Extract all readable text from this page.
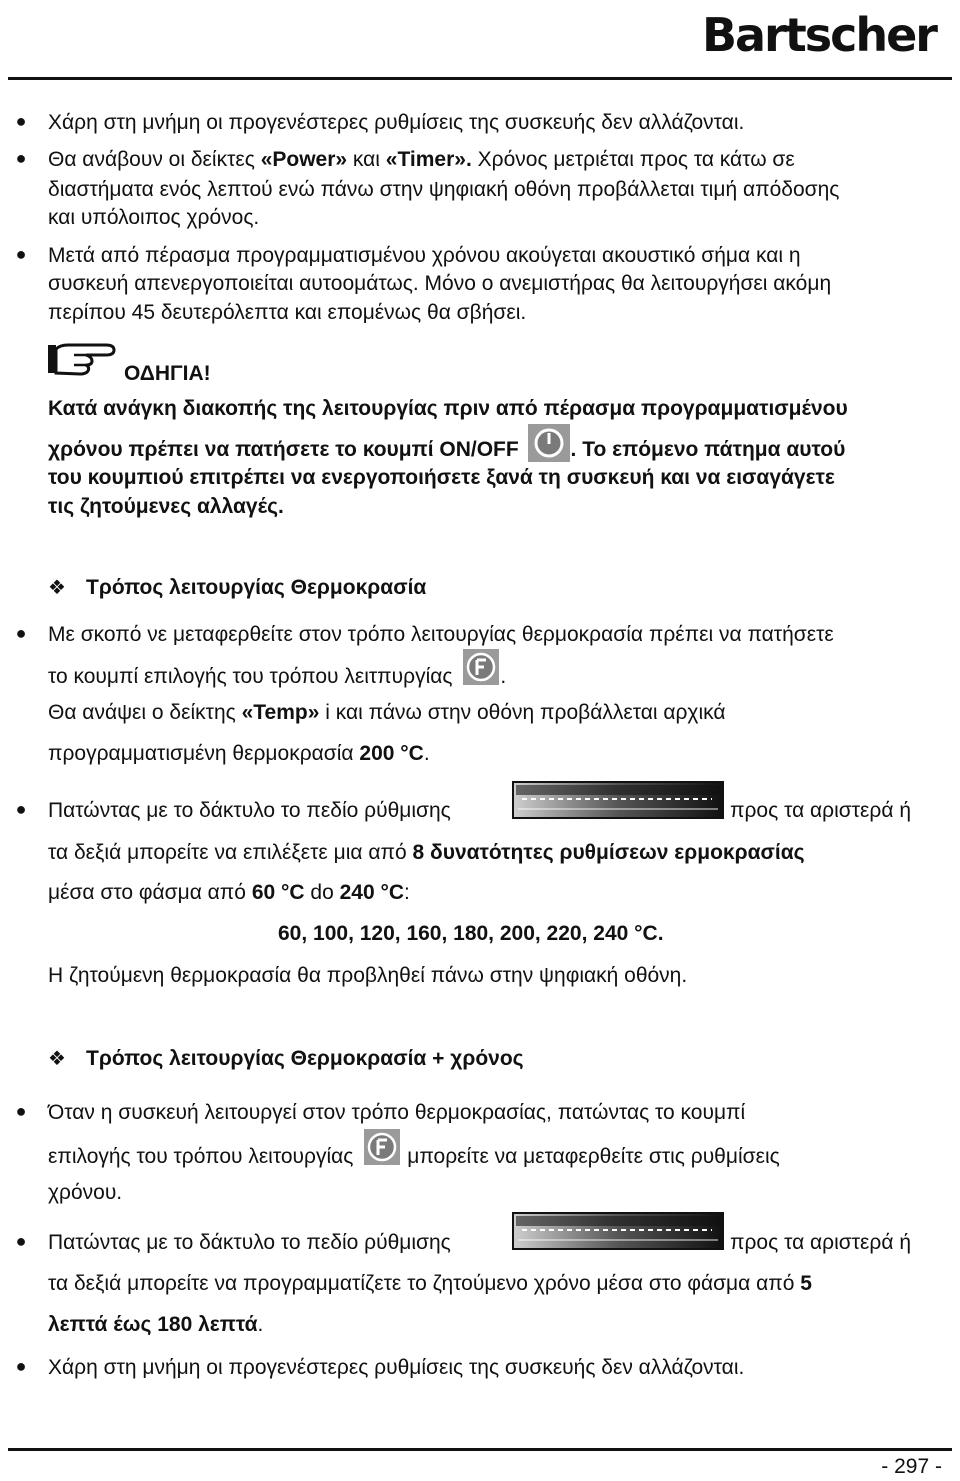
Bartscher
● Χάρη στη μνήμη οι προγενέστερες ρυθμίσεις της συσκευής δεν αλλάζονται.
● Θα ανάβουν οι δείκτες «Power» και «Timer». Χρόνος μετριέται προς τα κάτω σε
διαστήματα ενός λεπτού ενώ πάνω στην ψηφιακή οθόνη προβάλλεται τιμή απόδοσης
και υπόλοιπος χρόνος.
● Μετά από πέρασμα προγραμματισμένου χρόνου ακούγεται ακουστικό σήμα και η
συσκευή απενεργοποιείται αυτοομάτως. Μόνο ο ανεμιστήρας θα λειτουργήσει ακόμη
περίπου 45 δευτερόλεπτα και επομένως θα σβήσει.
ΟΔΗΓΙΑ!
Κατά ανάγκη διακοπής της λειτουργίας πριν από πέρασμα προγραμματισμένου
χρόνου πρέπει να πατήσετε το κουμπί ON/OFF . Το επόμενο πάτημα αυτού
του κουμπιού επιτρέπει να ενεργοποιήσετε ξανά τη συσκευή και να εισαγάγετε
τις ζητούμενες αλλαγές.
❖ Τρόπος λειτουργίας Θερμοκρασία
● Με σκοπό νε μεταφερθείτε στον τρόπο λειτουργίας θερμοκρασία πρέπει να πατήσετε
το κουμπί επιλογής του τρόπου λειτπυργίας .
Θα ανάψει ο δείκτης «Temp» i και πάνω στην οθόνη προβάλλεται αρχικά
προγραμματισμένη θερμοκρασία 200 °C.
● Πατώντας με το δάκτυλο το πεδίο ρύθμισης	προς τα αριστερά ή
τα δεξιά μπορείτε να επιλέξετε μια από 8 δυνατότητες ρυθμίσεων ερμοκρασίας
μέσα στο φάσμα από 60 °C do 240 °C:
60, 100, 120, 160, 180, 200, 220, 240 °C.
Η ζητούμενη θερμοκρασία θα προβληθεί πάνω στην ψηφιακή οθόνη.
❖ Τρόπος λειτουργίας Θερμοκρασία + χρόνος
● Όταν η συσκευή λειτουργεί στον τρόπο θερμοκρασίας, πατώντας το κουμπί
επιλογής του τρόπου λειτουργίας	μπορείτε να μεταφερθείτε στις ρυθμίσεις
χρόνου.
● Πατώντας με το δάκτυλο το πεδίο ρύθμισης	προς τα αριστερά ή
τα δεξιά μπορείτε να προγραμματίζετε το ζητούμενο χρόνο μέσα στο φάσμα από 5
λεπτά έως 180 λεπτά.
● Χάρη στη μνήμη οι προγενέστερες ρυθμίσεις της συσκευής δεν αλλάζονται.
- 297 -
